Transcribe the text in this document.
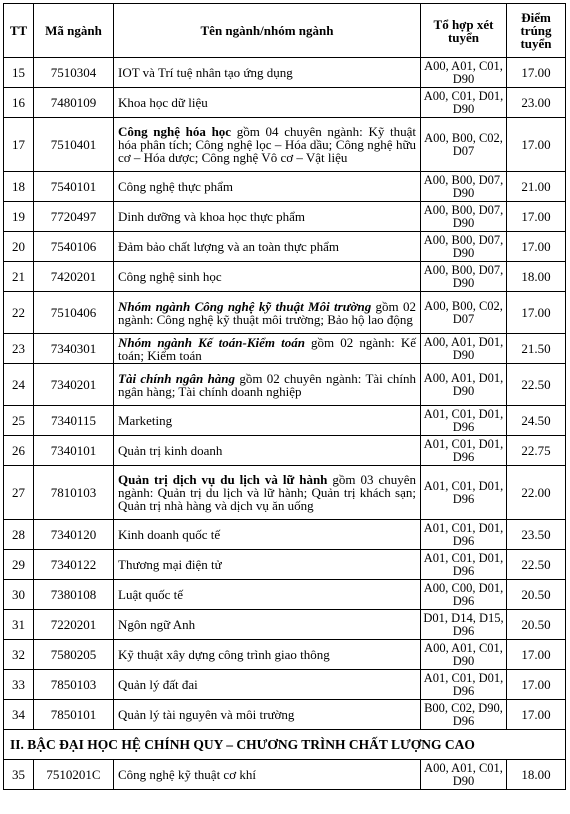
TT	Mã ngành	Tên ngành/nhóm ngành	Tổ hợp xét tuyển	Điểm trúng tuyển
15	7510304	IOT và Trí tuệ nhân tạo ứng dụng	A00, A01, C01, D90	17.00
16	7480109	Khoa học dữ liệu	A00, C01, D01, D90	23.00
17	7510401	Công nghệ hóa học gồm 04 chuyên ngành: Kỹ thuật hóa phân tích; Công nghệ lọc – Hóa dầu; Công nghệ hữu cơ – Hóa dược; Công nghệ Vô cơ – Vật liệu	A00, B00, C02, D07	17.00
18	7540101	Công nghệ thực phẩm	A00, B00, D07, D90	21.00
19	7720497	Dinh dưỡng và khoa học thực phẩm	A00, B00, D07, D90	17.00
20	7540106	Đảm bảo chất lượng và an toàn thực phẩm	A00, B00, D07, D90	17.00
21	7420201	Công nghệ sinh học	A00, B00, D07, D90	18.00
22	7510406	Nhóm ngành Công nghệ kỹ thuật Môi trường gồm 02 ngành: Công nghệ kỹ thuật môi trường; Bảo hộ lao động	A00, B00, C02, D07	17.00
23	7340301	Nhóm ngành Kế toán-Kiểm toán gồm 02 ngành: Kế toán; Kiểm toán	A00, A01, D01, D90	21.50
24	7340201	Tài chính ngân hàng gồm 02 chuyên ngành: Tài chính ngân hàng; Tài chính doanh nghiệp	A00, A01, D01, D90	22.50
25	7340115	Marketing	A01, C01, D01, D96	24.50
26	7340101	Quản trị kinh doanh	A01, C01, D01, D96	22.75
27	7810103	Quản trị dịch vụ du lịch và lữ hành gồm 03 chuyên ngành: Quản trị du lịch và lữ hành; Quản trị khách sạn; Quản trị nhà hàng và dịch vụ ăn uống	A01, C01, D01, D96	22.00
28	7340120	Kinh doanh quốc tế	A01, C01, D01, D96	23.50
29	7340122	Thương mại điện tử	A01, C01, D01, D96	22.50
30	7380108	Luật quốc tế	A00, C00, D01, D96	20.50
31	7220201	Ngôn ngữ Anh	D01, D14, D15, D96	20.50
32	7580205	Kỹ thuật xây dựng công trình giao thông	A00, A01, C01, D90	17.00
33	7850103	Quản lý đất đai	A01, C01, D01, D96	17.00
34	7850101	Quản lý tài nguyên và môi trường	B00, C02, D90, D96	17.00
II. BẬC ĐẠI HỌC HỆ CHÍNH QUY – CHƯƠNG TRÌNH CHẤT LƯỢNG CAO				
35	7510201C	Công nghệ kỹ thuật cơ khí	A00, A01, C01, D90	18.00
